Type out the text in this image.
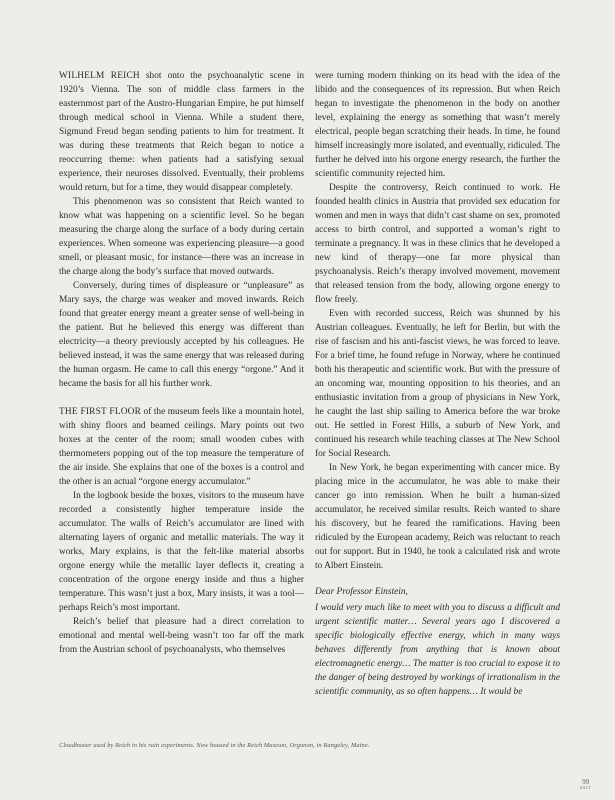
WILHELM REICH shot onto the psychoanalytic scene in 1920’s Vienna. The son of middle class farmers in the easternmost part of the Austro-Hungarian Empire, he put himself through medical school in Vienna. While a student there, Sigmund Freud began sending patients to him for treatment. It was during these treatments that Reich began to notice a reoccurring theme: when patients had a satisfying sexual experience, their neuroses dissolved. Eventually, their problems would return, but for a time, they would disappear completely.

This phenomenon was so consistent that Reich wanted to know what was happening on a scientific level. So he began measuring the charge along the surface of a body during certain experiences. When someone was experiencing pleasure—a good smell, or pleasant music, for instance—there was an increase in the charge along the body’s surface that moved outwards.

Conversely, during times of displeasure or “unpleasure” as Mary says, the charge was weaker and moved inwards. Reich found that greater energy meant a greater sense of well-being in the patient. But he believed this energy was different than electricity—a theory previously accepted by his colleagues. He believed instead, it was the same energy that was released during the human orgasm. He came to call this energy “orgone.” And it became the basis for all his further work.

THE FIRST FLOOR of the museum feels like a mountain hotel, with shiny floors and beamed ceilings. Mary points out two boxes at the center of the room; small wooden cubes with thermometers popping out of the top measure the temperature of the air inside. She explains that one of the boxes is a control and the other is an actual “orgone energy accumulator.”

In the logbook beside the boxes, visitors to the museum have recorded a consistently higher temperature inside the accumulator. The walls of Reich’s accumulator are lined with alternating layers of organic and metallic materials. The way it works, Mary explains, is that the felt-like material absorbs orgone energy while the metallic layer deflects it, creating a concentration of the orgone energy inside and thus a higher temperature. This wasn’t just a box, Mary insists, it was a tool—perhaps Reich’s most important.

Reich’s belief that pleasure had a direct correlation to emotional and mental well-being wasn’t too far off the mark from the Austrian school of psychoanalysts, who themselves

were turning modern thinking on its head with the idea of the libido and the consequences of its repression. But when Reich began to investigate the phenomenon in the body on another level, explaining the energy as something that wasn’t merely electrical, people began scratching their heads. In time, he found himself increasingly more isolated, and eventually, ridiculed. The further he delved into his orgone energy research, the further the scientific community rejected him.

Despite the controversy, Reich continued to work. He founded health clinics in Austria that provided sex education for women and men in ways that didn’t cast shame on sex, promoted access to birth control, and supported a woman’s right to terminate a pregnancy. It was in these clinics that he developed a new kind of therapy—one far more physical than psychoanalysis. Reich’s therapy involved movement, movement that released tension from the body, allowing orgone energy to flow freely.

Even with recorded success, Reich was shunned by his Austrian colleagues. Eventually, he left for Berlin, but with the rise of fascism and his anti-fascist views, he was forced to leave. For a brief time, he found refuge in Norway, where he continued both his therapeutic and scientific work. But with the pressure of an oncoming war, mounting opposition to his theories, and an enthusiastic invitation from a group of physicians in New York, he caught the last ship sailing to America before the war broke out. He settled in Forest Hills, a suburb of New York, and continued his research while teaching classes at The New School for Social Research.

In New York, he began experimenting with cancer mice. By placing mice in the accumulator, he was able to make their cancer go into remission. When he built a human-sized accumulator, he received similar results. Reich wanted to share his discovery, but he feared the ramifications. Having been ridiculed by the European academy, Reich was reluctant to reach out for support. But in 1940, he took a calculated risk and wrote to Albert Einstein.

Dear Professor Einstein,

I would very much like to meet with you to discuss a difficult and urgent scientific matter… Several years ago I discovered a specific biologically effective energy, which in many ways behaves differently from anything that is known about electromagnetic energy… The matter is too crucial to expose it to the danger of being destroyed by workings of irrationalism in the scientific community, as so often happens… It would be

Cloudbuster used by Reich in his rain experiments. Now housed in the Reich Museum, Orgonon, in Rangeley, Maine.
99
SACT
